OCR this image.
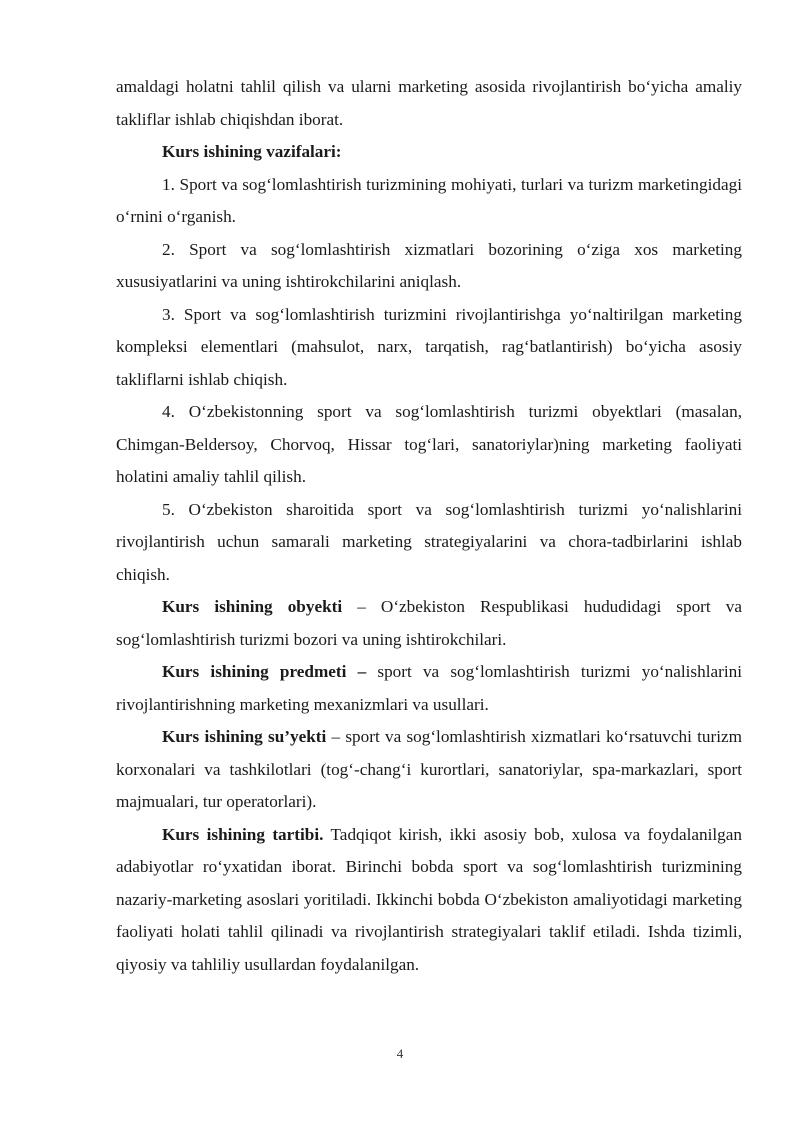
amaldagi holatni tahlil qilish va ularni marketing asosida rivojlantirish bo‘yicha amaliy takliflar ishlab chiqishdan iborat.

Kurs ishining vazifalari:

1. Sport va sog‘lomlashtirish turizmining mohiyati, turlari va turizm marketingidagi o‘rnini o‘rganish.

2. Sport va sog‘lomlashtirish xizmatlari bozorining o‘ziga xos marketing xususiyatlarini va uning ishtirokchilarini aniqlash.

3. Sport va sog‘lomlashtirish turizmini rivojlantirishga yo‘naltirilgan marketing kompleksi elementlari (mahsulot, narx, tarqatish, rag‘batlantirish) bo‘yicha asosiy takliflarni ishlab chiqish.

4. O‘zbekistonning sport va sog‘lomlashtirish turizmi obyektlari (masalan, Chimgan-Beldersoy, Chorvoq, Hissar tog‘lari, sanatoriylar)ning marketing faoliyati holatini amaliy tahlil qilish.

5. O‘zbekiston sharoitida sport va sog‘lomlashtirish turizmi yo‘nalishlarini rivojlantirish uchun samarali marketing strategiyalarini va chora-tadbirlarini ishlab chiqish.

Kurs ishining obyekti – O‘zbekiston Respublikasi hududidagi sport va sog‘lomlashtirish turizmi bozori va uning ishtirokchilari.

Kurs ishining predmeti – sport va sog‘lomlashtirish turizmi yo‘nalishlarini rivojlantirishning marketing mexanizmlari va usullari.

Kurs ishining su’yekti – sport va sog‘lomlashtirish xizmatlari ko‘rsatuvchi turizm korxonalari va tashkilotlari (tog‘-chang‘i kurortlari, sanatoriylar, spa-markazlari, sport majmualari, tur operatorlari).

Kurs ishining tartibi. Tadqiqot kirish, ikki asosiy bob, xulosa va foydalanilgan adabiyotlar ro‘yxatidan iborat. Birinchi bobda sport va sog‘lomlashtirish turizmining nazariy-marketing asoslari yoritiladi. Ikkinchi bobda O‘zbekiston amaliyotidagi marketing faoliyati holati tahlil qilinadi va rivojlantirish strategiyalari taklif etiladi. Ishda tizimli, qiyosiy va tahliliy usullardan foydalanilgan.

4
